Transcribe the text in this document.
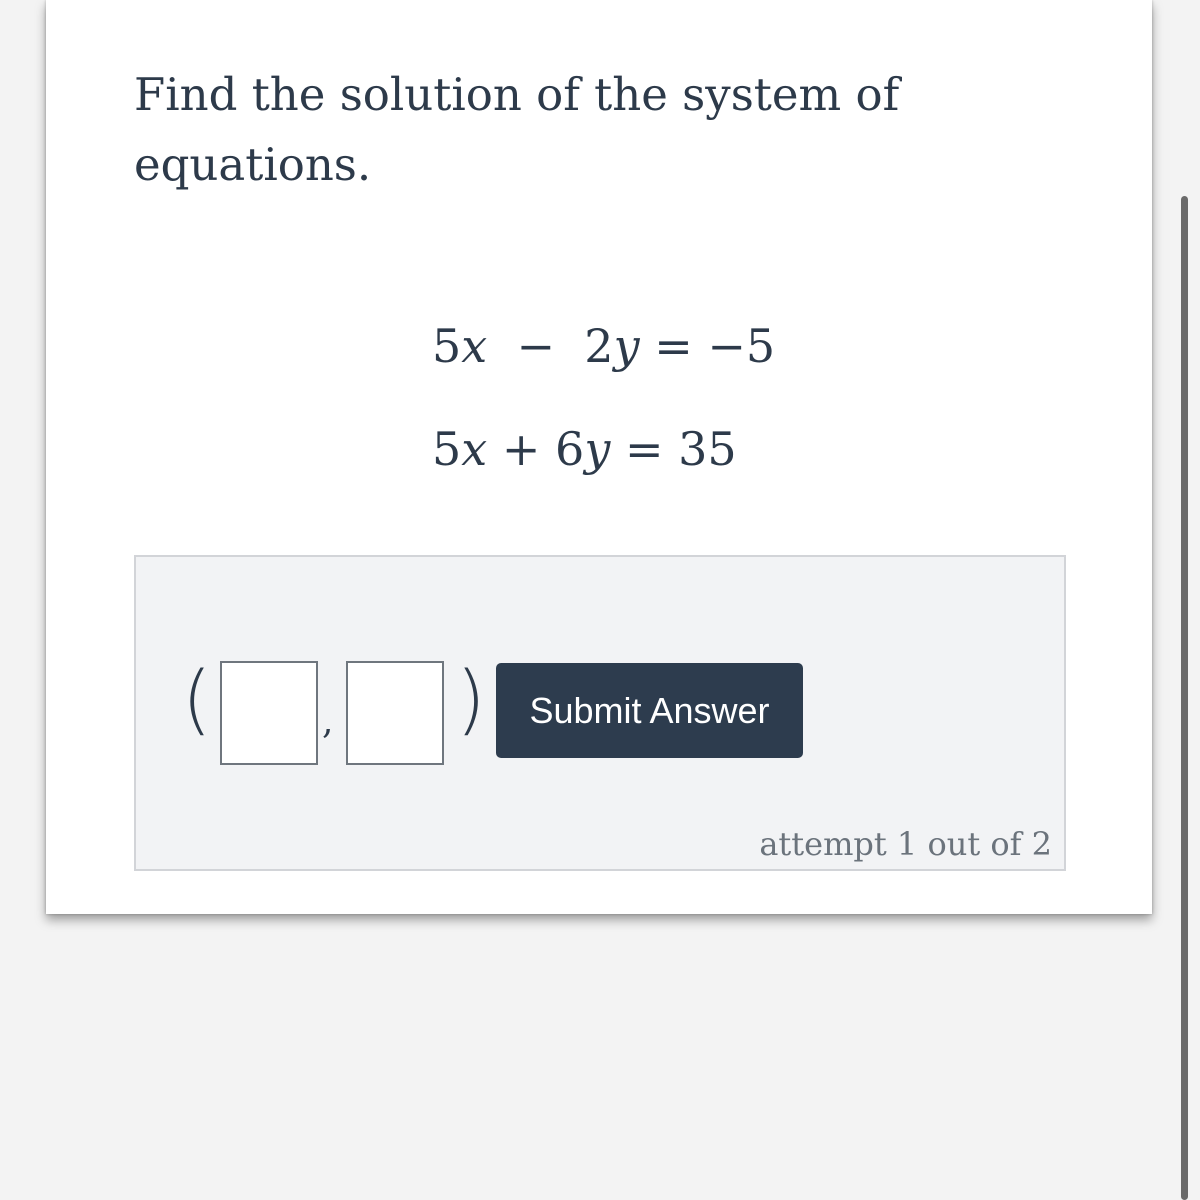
Find the solution of the system of equations.

5x − 2y = −5
5x + 6y = 35
(	, )	Submit Answer
attempt 1 out of 2
